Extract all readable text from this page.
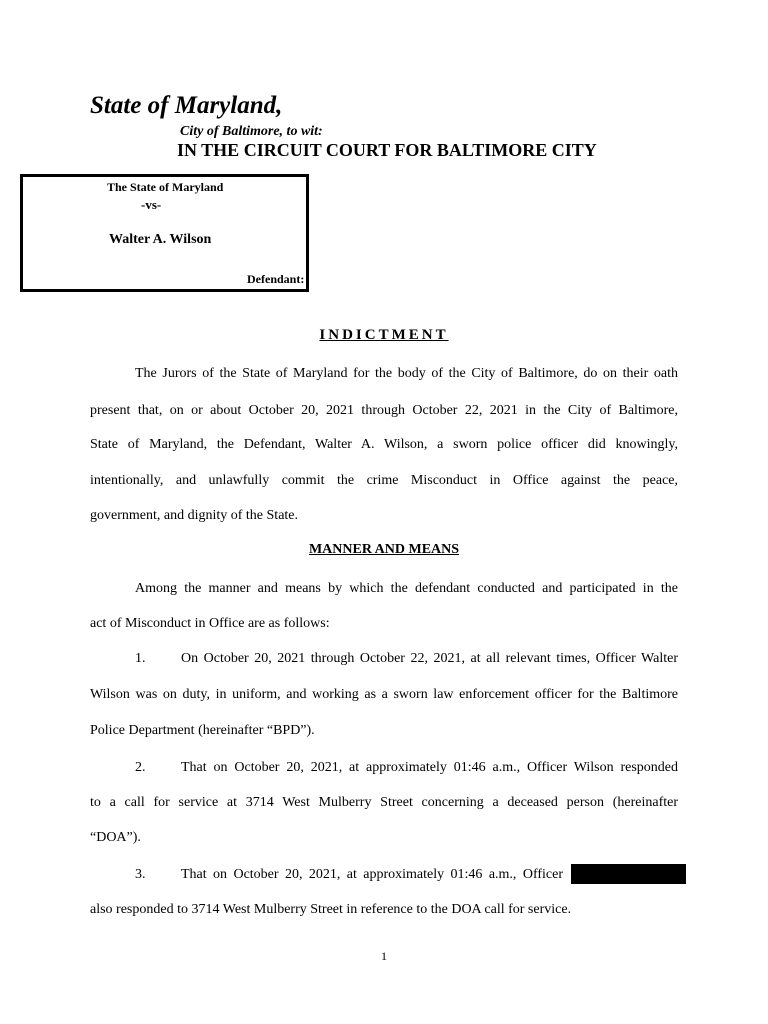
State of Maryland,
City of Baltimore, to wit:
IN THE CIRCUIT COURT FOR BALTIMORE CITY
The State of Maryland
-vs-
Walter A. Wilson
Defendant:
INDICTMENT
The Jurors of the State of Maryland for the body of the City of Baltimore, do on their oath
present that, on or about October 20, 2021 through October 22, 2021 in the City of Baltimore,
State of Maryland, the Defendant, Walter A. Wilson, a sworn police officer did knowingly,
intentionally, and unlawfully commit the crime Misconduct in Office against the peace,
government, and dignity of the State.
MANNER AND MEANS
Among the manner and means by which the defendant conducted and participated in the
act of Misconduct in Office are as follows:
1.	On October 20, 2021 through October 22, 2021, at all relevant times, Officer Walter
Wilson was on duty, in uniform, and working as a sworn law enforcement officer for the Baltimore
Police Department (hereinafter “BPD”).
2.	That on October 20, 2021, at approximately 01:46 a.m., Officer Wilson responded
to a call for service at 3714 West Mulberry Street concerning a deceased person (hereinafter
“DOA”).
3.	That on October 20, 2021, at approximately 01:46 a.m., Officer
also responded to 3714 West Mulberry Street in reference to the DOA call for service.
1
